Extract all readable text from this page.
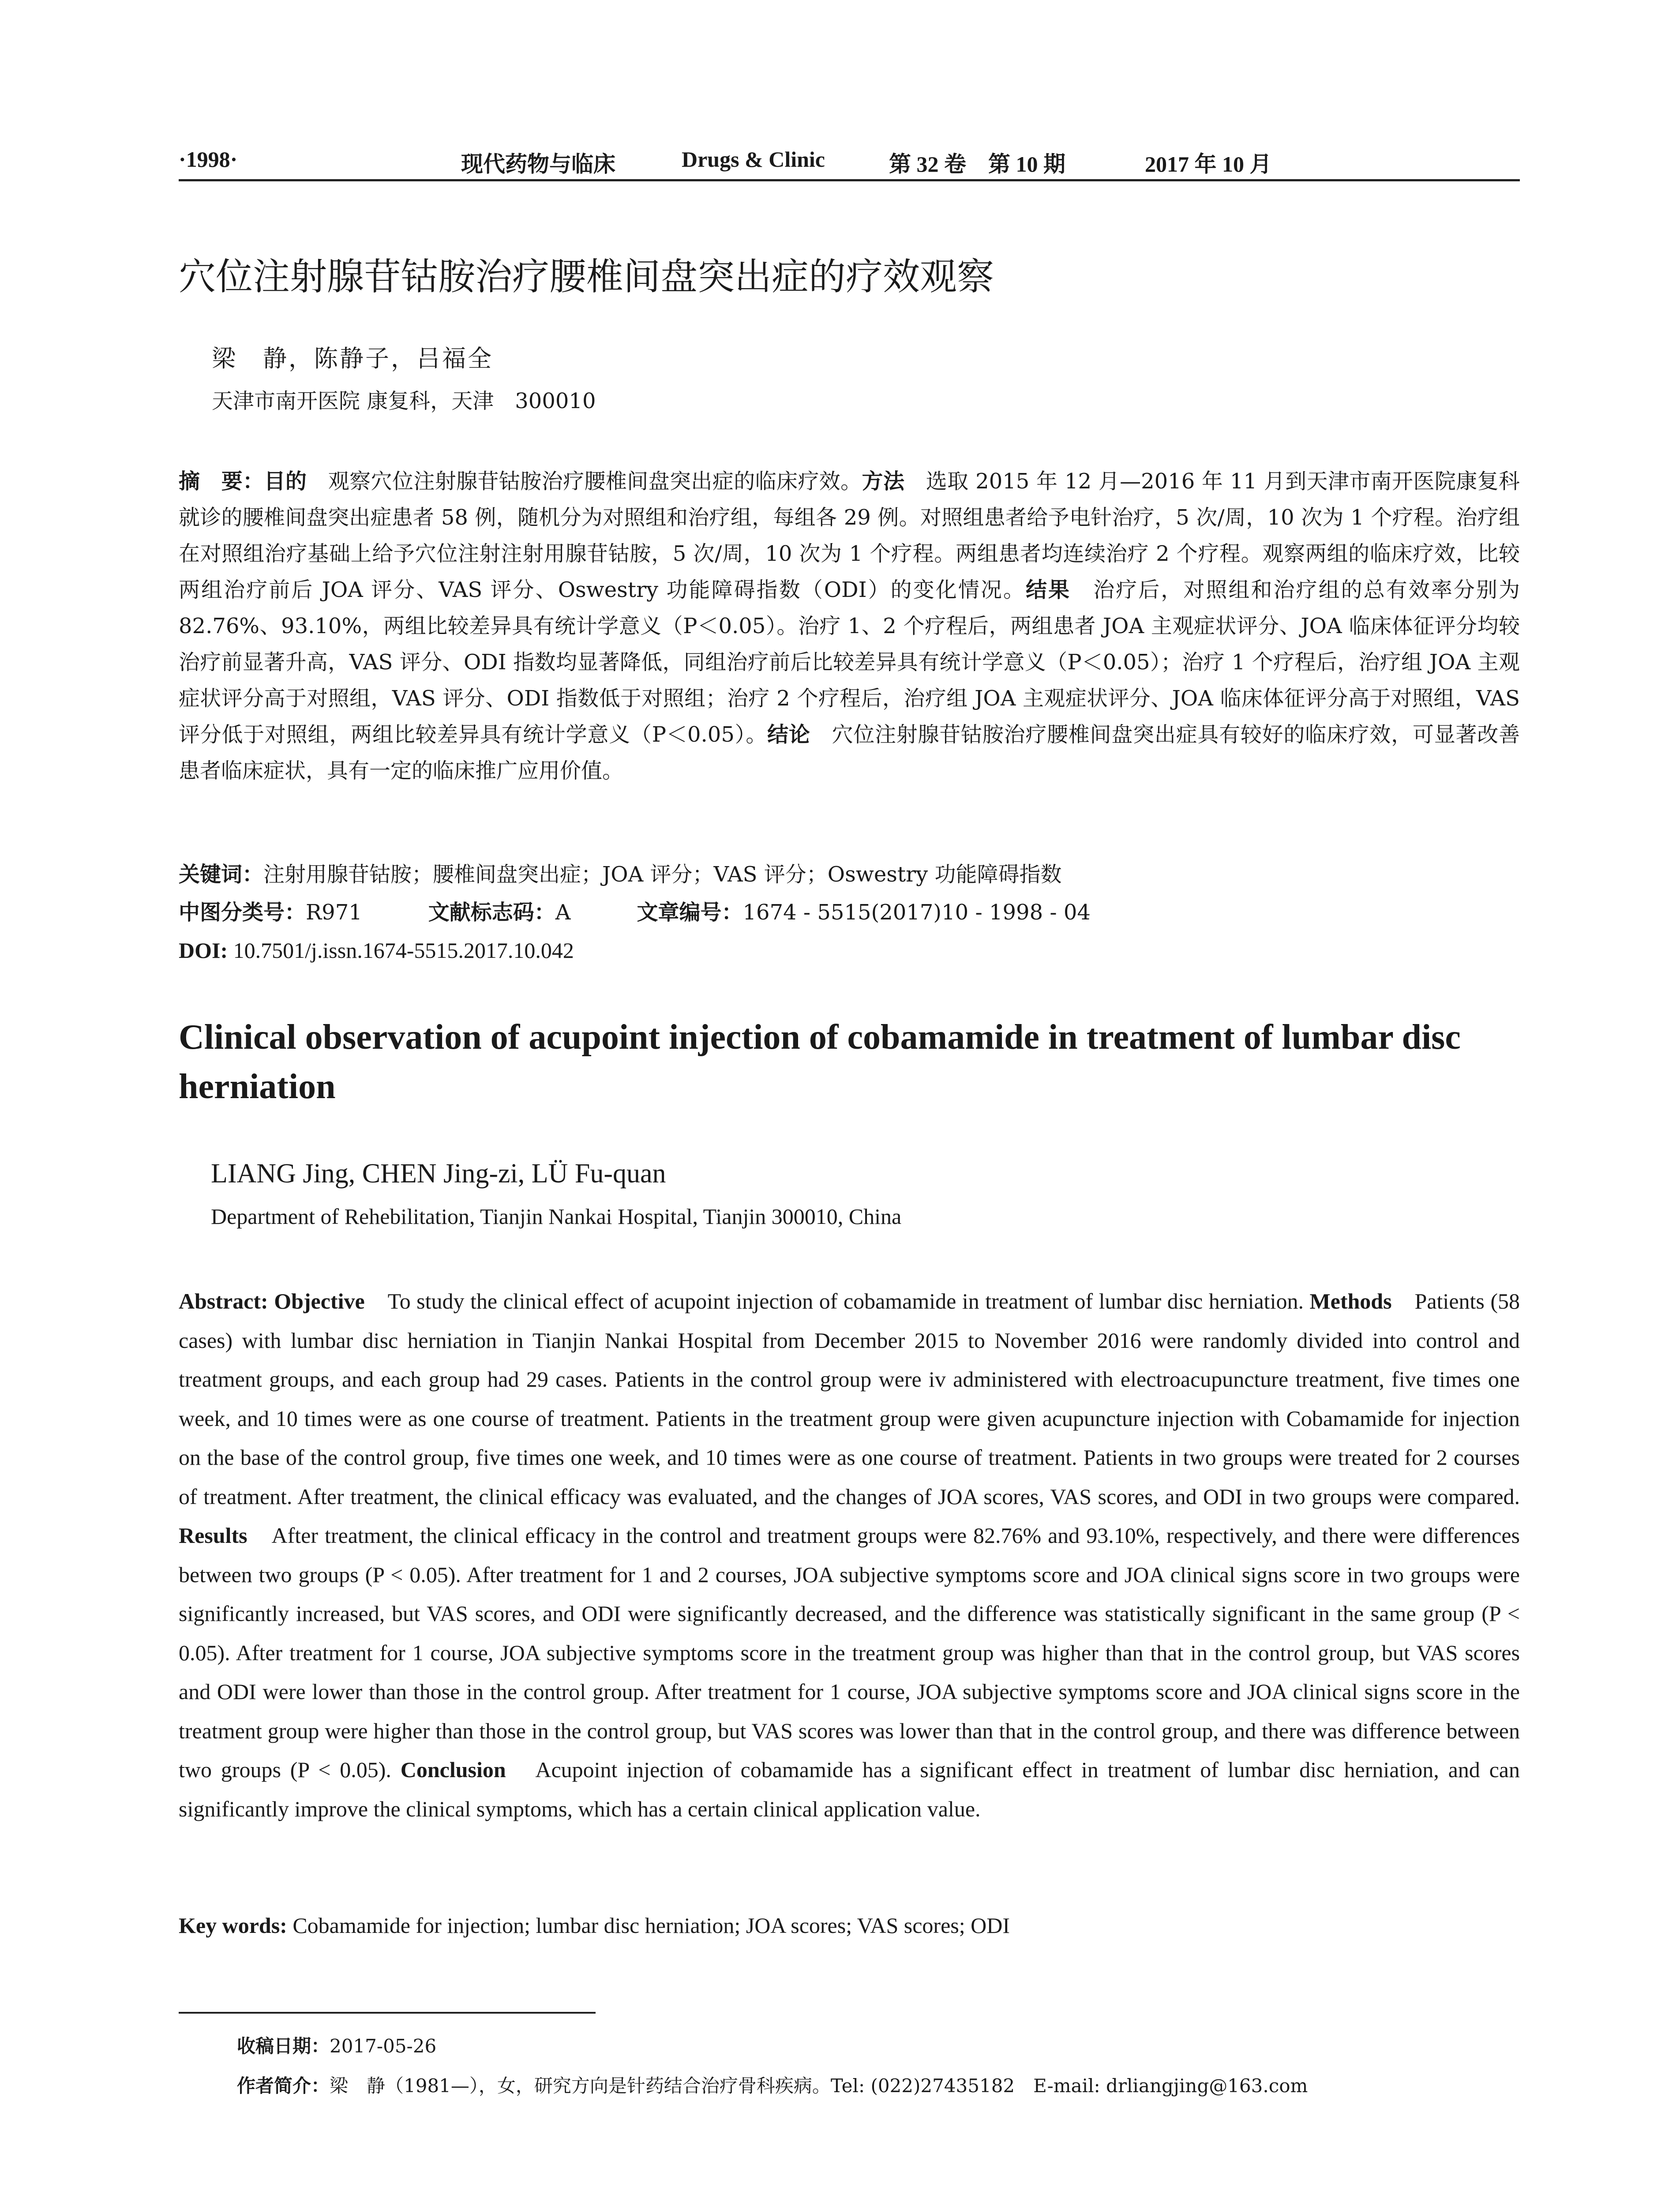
·1998·	现代药物与临床	Drugs & Clinic	第 32 卷　第 10 期	2017 年 10 月
穴位注射腺苷钴胺治疗腰椎间盘突出症的疗效观察
梁　静，陈静子，吕福全
天津市南开医院 康复科，天津　300010
摘　要：目的　观察穴位注射腺苷钴胺治疗腰椎间盘突出症的临床疗效。方法　选取 2015 年 12 月—2016 年 11 月到天津市南开医院康复科就诊的腰椎间盘突出症患者 58 例，随机分为对照组和治疗组，每组各 29 例。对照组患者给予电针治疗，5 次/周，10 次为 1 个疗程。治疗组在对照组治疗基础上给予穴位注射注射用腺苷钴胺，5 次/周，10 次为 1 个疗程。两组患者均连续治疗 2 个疗程。观察两组的临床疗效，比较两组治疗前后 JOA 评分、VAS 评分、Oswestry 功能障碍指数（ODI）的变化情况。结果　治疗后，对照组和治疗组的总有效率分别为 82.76%、93.10%，两组比较差异具有统计学意义（P＜0.05）。治疗 1、2 个疗程后，两组患者 JOA 主观症状评分、JOA 临床体征评分均较治疗前显著升高，VAS 评分、ODI 指数均显著降低，同组治疗前后比较差异具有统计学意义（P＜0.05）；治疗 1 个疗程后，治疗组 JOA 主观症状评分高于对照组，VAS 评分、ODI 指数低于对照组；治疗 2 个疗程后，治疗组 JOA 主观症状评分、JOA 临床体征评分高于对照组，VAS 评分低于对照组，两组比较差异具有统计学意义（P＜0.05）。结论　穴位注射腺苷钴胺治疗腰椎间盘突出症具有较好的临床疗效，可显著改善患者临床症状，具有一定的临床推广应用价值。
关键词：注射用腺苷钴胺；腰椎间盘突出症；JOA 评分；VAS 评分；Oswestry 功能障碍指数
中图分类号：R971	文献标志码：A	文章编号：1674 - 5515(2017)10 - 1998 - 04
DOI: 10.7501/j.issn.1674-5515.2017.10.042
Clinical observation of acupoint injection of cobamamide in treatment of lumbar disc herniation
LIANG Jing, CHEN Jing-zi, LÜ Fu-quan
Department of Rehebilitation, Tianjin Nankai Hospital, Tianjin 300010, China
Abstract: Objective　To study the clinical effect of acupoint injection of cobamamide in treatment of lumbar disc herniation. Methods　Patients (58 cases) with lumbar disc herniation in Tianjin Nankai Hospital from December 2015 to November 2016 were randomly divided into control and treatment groups, and each group had 29 cases. Patients in the control group were iv administered with electroacupuncture treatment, five times one week, and 10 times were as one course of treatment. Patients in the treatment group were given acupuncture injection with Cobamamide for injection on the base of the control group, five times one week, and 10 times were as one course of treatment. Patients in two groups were treated for 2 courses of treatment. After treatment, the clinical efficacy was evaluated, and the changes of JOA scores, VAS scores, and ODI in two groups were compared. Results　After treatment, the clinical efficacy in the control and treatment groups were 82.76% and 93.10%, respectively, and there were differences between two groups (P < 0.05). After treatment for 1 and 2 courses, JOA subjective symptoms score and JOA clinical signs score in two groups were significantly increased, but VAS scores, and ODI were significantly decreased, and the difference was statistically significant in the same group (P < 0.05). After treatment for 1 course, JOA subjective symptoms score in the treatment group was higher than that in the control group, but VAS scores and ODI were lower than those in the control group. After treatment for 1 course, JOA subjective symptoms score and JOA clinical signs score in the treatment group were higher than those in the control group, but VAS scores was lower than that in the control group, and there was difference between two groups (P < 0.05). Conclusion　Acupoint injection of cobamamide has a significant effect in treatment of lumbar disc herniation, and can significantly improve the clinical symptoms, which has a certain clinical application value.
Key words: Cobamamide for injection; lumbar disc herniation; JOA scores; VAS scores; ODI
收稿日期：2017-05-26
作者简介：梁　静（1981—），女，研究方向是针药结合治疗骨科疾病。Tel: (022)27435182　E-mail: drliangjing@163.com
